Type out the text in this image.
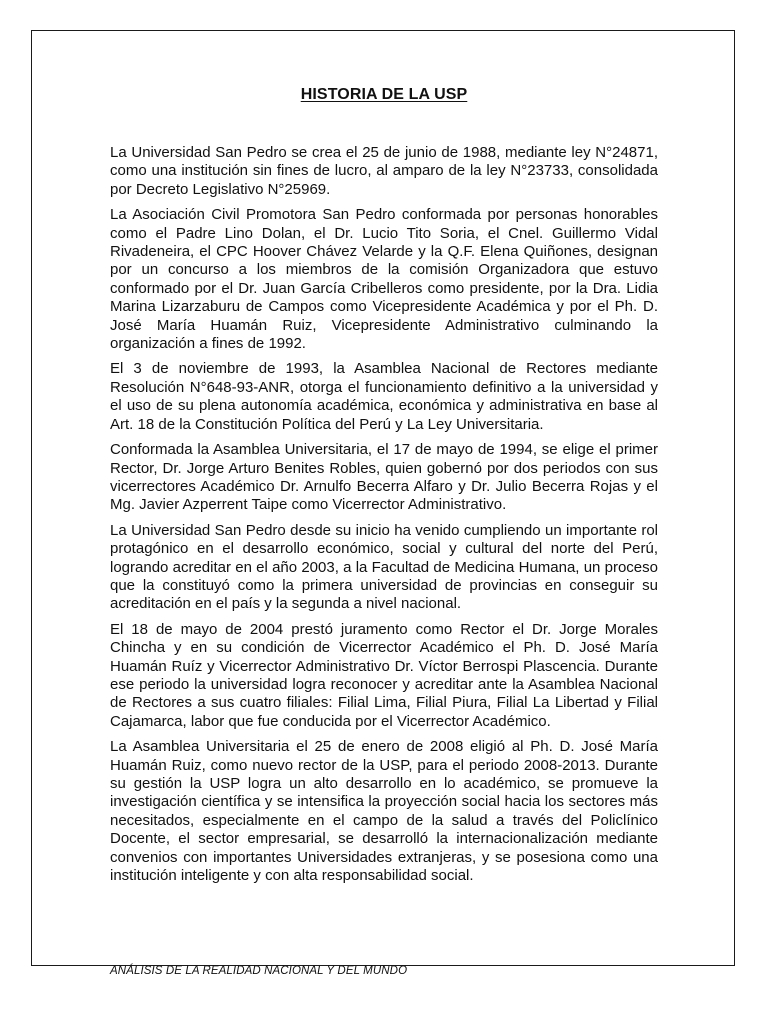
HISTORIA DE LA USP

La Universidad San Pedro se crea el 25 de junio de 1988, mediante ley N°24871, como una institución sin fines de lucro, al amparo de la ley N°23733, consolidada por Decreto Legislativo N°25969.

La Asociación Civil Promotora San Pedro conformada por personas honorables como el Padre Lino Dolan, el Dr. Lucio Tito Soria, el Cnel. Guillermo Vidal Rivadeneira, el CPC Hoover Chávez Velarde y la Q.F. Elena Quiñones, designan por un concurso a los miembros de la comisión Organizadora que estuvo conformado por el Dr. Juan García Cribelleros como presidente, por la Dra. Lidia Marina Lizarzaburu de Campos como Vicepresidente Académica y por el Ph. D. José María Huamán Ruiz, Vicepresidente Administrativo culminando la organización a fines de 1992.

El 3 de noviembre de 1993, la Asamblea Nacional de Rectores mediante Resolución N°648-93-ANR, otorga el funcionamiento definitivo a la universidad y el uso de su plena autonomía académica, económica y administrativa en base al Art. 18 de la Constitución Política del Perú y La Ley Universitaria.

Conformada la Asamblea Universitaria, el 17 de mayo de 1994, se elige el primer Rector, Dr. Jorge Arturo Benites Robles, quien gobernó por dos periodos con sus vicerrectores Académico Dr. Arnulfo Becerra Alfaro y Dr. Julio Becerra Rojas y el Mg. Javier Azperrent Taipe como Vicerrector Administrativo.

La Universidad San Pedro desde su inicio ha venido cumpliendo un importante rol protagónico en el desarrollo económico, social y cultural del norte del Perú, logrando acreditar en el año 2003, a la Facultad de Medicina Humana, un proceso que la constituyó como la primera universidad de provincias en conseguir su acreditación en el país y la segunda a nivel nacional.

El 18 de mayo de 2004 prestó juramento como Rector el Dr. Jorge Morales Chincha y en su condición de Vicerrector Académico el Ph. D. José María Huamán Ruíz y Vicerrector Administrativo Dr. Víctor Berrospi Plascencia. Durante ese periodo la universidad logra reconocer y acreditar ante la Asamblea Nacional de Rectores a sus cuatro filiales: Filial Lima, Filial Piura, Filial La Libertad y Filial Cajamarca, labor que fue conducida por el Vicerrector Académico.

La Asamblea Universitaria el 25 de enero de 2008 eligió al Ph. D. José María Huamán Ruiz, como nuevo rector de la USP, para el periodo 2008-2013. Durante su gestión la USP logra un alto desarrollo en lo académico, se promueve la investigación científica y se intensifica la proyección social hacia los sectores más necesitados, especialmente en el campo de la salud a través del Policlínico Docente, el sector empresarial, se desarrolló la internacionalización mediante convenios con importantes Universidades extranjeras, y se posesiona como una institución inteligente y con alta responsabilidad social.

ANÁLISIS DE LA REALIDAD NACIONAL Y DEL MUNDO
